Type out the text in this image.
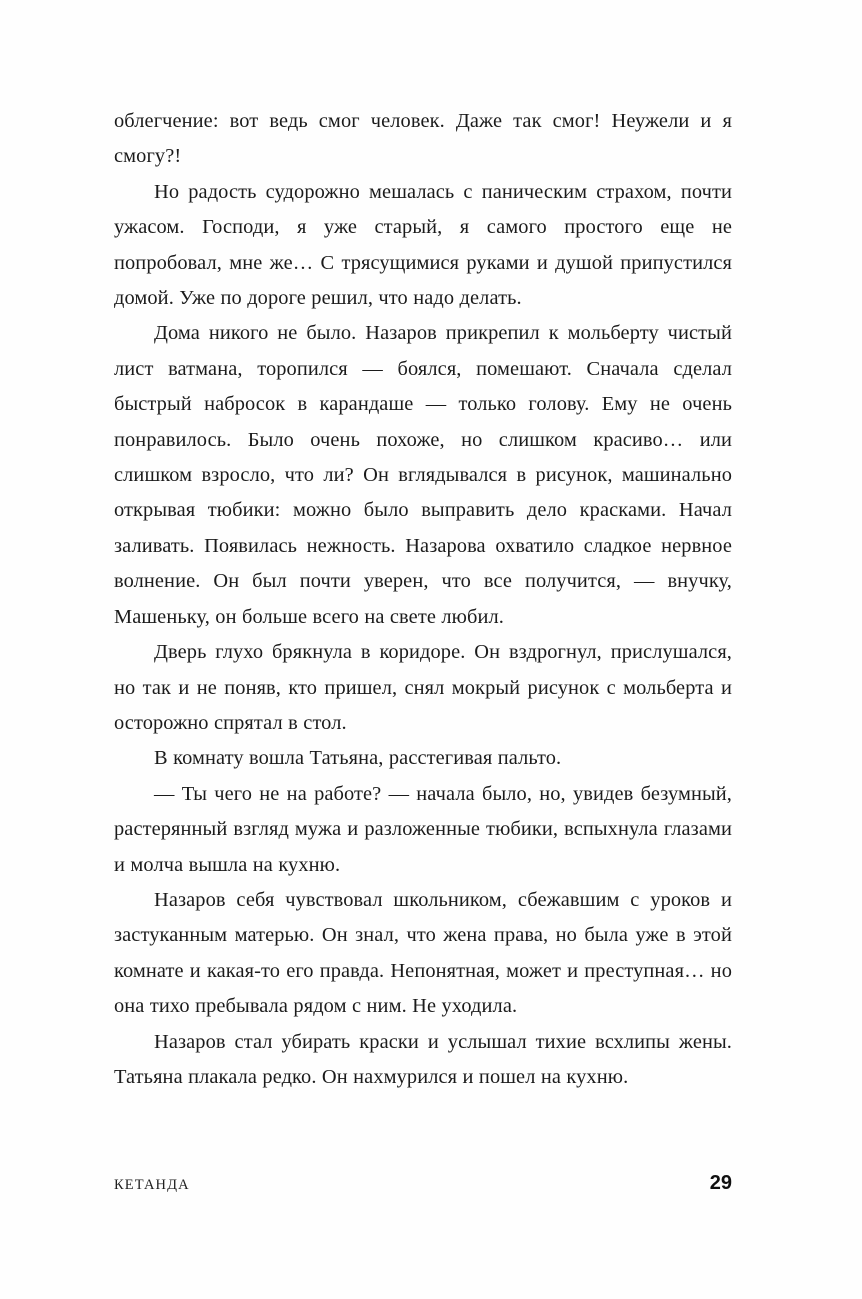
облегчение: вот ведь смог человек. Даже так смог! Неужели и я смогу?!

Но радость судорожно мешалась с паническим страхом, почти ужасом. Господи, я уже старый, я самого простого еще не попробовал, мне же… С трясущимися руками и душой припустился домой. Уже по дороге решил, что надо делать.

Дома никого не было. Назаров прикрепил к мольберту чистый лист ватмана, торопился — боялся, помешают. Сначала сделал быстрый набросок в карандаше — только голову. Ему не очень понравилось. Было очень похоже, но слишком красиво… или слишком взросло, что ли? Он вглядывался в рисунок, машинально открывая тюбики: можно было выправить дело красками. Начал заливать. Появилась нежность. Назарова охватило сладкое нервное волнение. Он был почти уверен, что все получится, — внучку, Машеньку, он больше всего на свете любил.

Дверь глухо брякнула в коридоре. Он вздрогнул, прислушался, но так и не поняв, кто пришел, снял мокрый рисунок с мольберта и осторожно спрятал в стол.

В комнату вошла Татьяна, расстегивая пальто.

— Ты чего не на работе? — начала было, но, увидев безумный, растерянный взгляд мужа и разложенные тюбики, вспыхнула глазами и молча вышла на кухню.

Назаров себя чувствовал школьником, сбежавшим с уроков и застуканным матерью. Он знал, что жена права, но была уже в этой комнате и какая-то его правда. Непонятная, может и преступная… но она тихо пребывала рядом с ним. Не уходила.

Назаров стал убирать краски и услышал тихие всхлипы жены. Татьяна плакала редко. Он нахмурился и пошел на кухню.

КЕТАНДА	29
